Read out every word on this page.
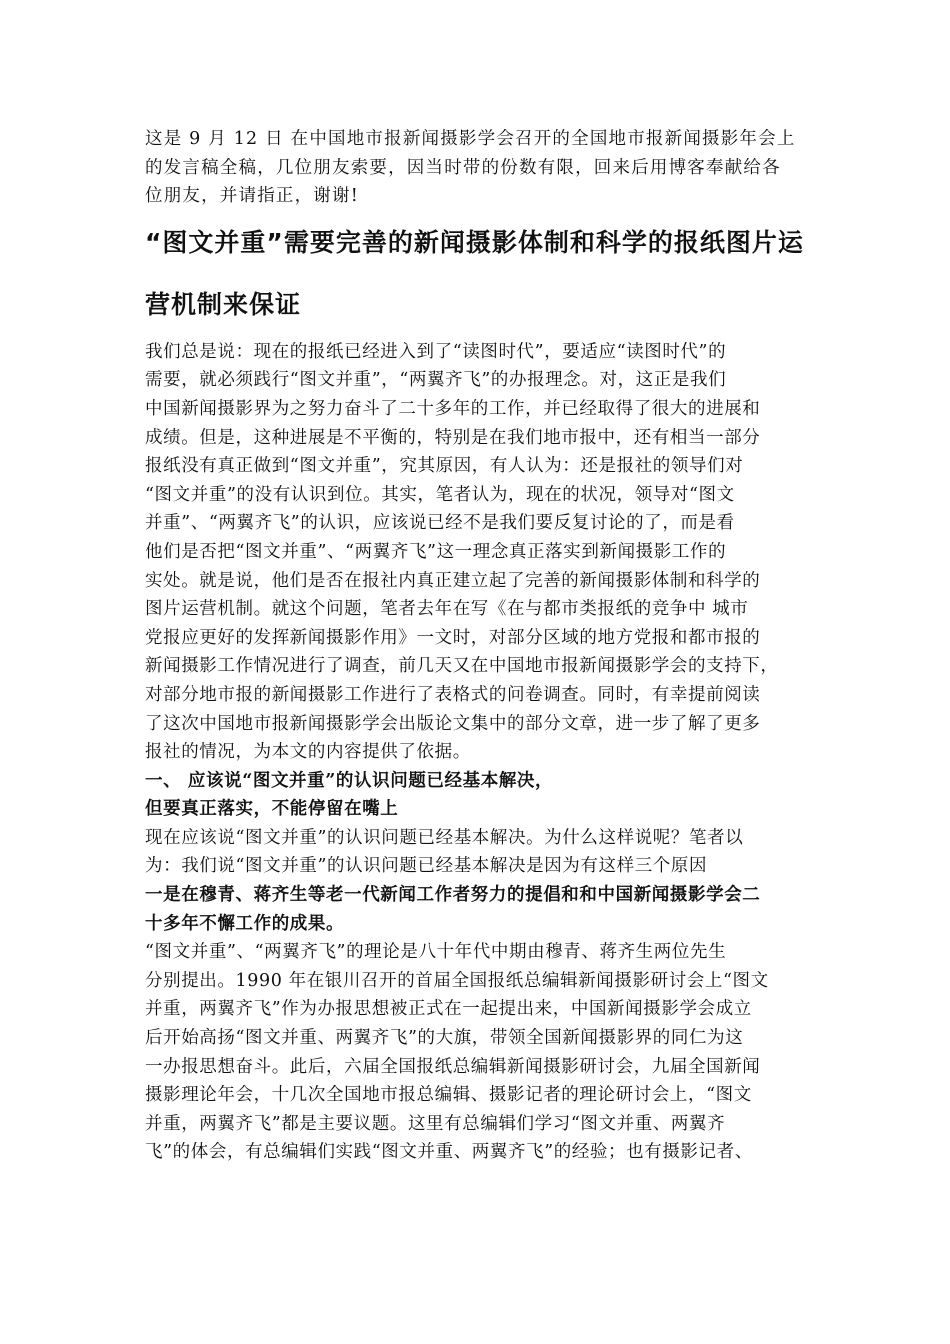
这是 9 月 12 日 在中国地市报新闻摄影学会召开的全国地市报新闻摄影年会上
的发言稿全稿，几位朋友索要，因当时带的份数有限，回来后用博客奉献给各
位朋友，并请指正，谢谢!
“图文并重”需要完善的新闻摄影体制和科学的报纸图片运
营机制来保证
我们总是说：现在的报纸已经进入到了“读图时代”，要适应“读图时代”的
需要，就必须践行“图文并重”，“两翼齐飞”的办报理念。对，这正是我们
中国新闻摄影界为之努力奋斗了二十多年的工作，并已经取得了很大的进展和
成绩。但是，这种进展是不平衡的，特别是在我们地市报中，还有相当一部分
报纸没有真正做到“图文并重”，究其原因，有人认为：还是报社的领导们对
“图文并重”的没有认识到位。其实，笔者认为，现在的状况，领导对“图文
并重”、“两翼齐飞”的认识，应该说已经不是我们要反复讨论的了，而是看
他们是否把“图文并重”、“两翼齐飞”这一理念真正落实到新闻摄影工作的
实处。就是说，他们是否在报社内真正建立起了完善的新闻摄影体制和科学的
图片运营机制。就这个问题，笔者去年在写《在与都市类报纸的竞争中 城市
党报应更好的发挥新闻摄影作用》一文时，对部分区域的地方党报和都市报的
新闻摄影工作情况进行了调查，前几天又在中国地市报新闻摄影学会的支持下，
对部分地市报的新闻摄影工作进行了表格式的问卷调查。同时，有幸提前阅读
了这次中国地市报新闻摄影学会出版论文集中的部分文章，进一步了解了更多
报社的情况，为本文的内容提供了依据。
一、 应该说“图文并重”的认识问题已经基本解决，
但要真正落实，不能停留在嘴上
现在应该说“图文并重”的认识问题已经基本解决。为什么这样说呢？笔者以
为：我们说“图文并重”的认识问题已经基本解决是因为有这样三个原因
一是在穆青、蒋齐生等老一代新闻工作者努力的提倡和和中国新闻摄影学会二
十多年不懈工作的成果。
“图文并重”、“两翼齐飞”的理论是八十年代中期由穆青、蒋齐生两位先生
分别提出。1990 年在银川召开的首届全国报纸总编辑新闻摄影研讨会上“图文
并重，两翼齐飞”作为办报思想被正式在一起提出来，中国新闻摄影学会成立
后开始高扬“图文并重、两翼齐飞”的大旗，带领全国新闻摄影界的同仁为这
一办报思想奋斗。此后，六届全国报纸总编辑新闻摄影研讨会，九届全国新闻
摄影理论年会，十几次全国地市报总编辑、摄影记者的理论研讨会上，“图文
并重，两翼齐飞”都是主要议题。这里有总编辑们学习“图文并重、两翼齐
飞”的体会，有总编辑们实践“图文并重、两翼齐飞”的经验；也有摄影记者、
